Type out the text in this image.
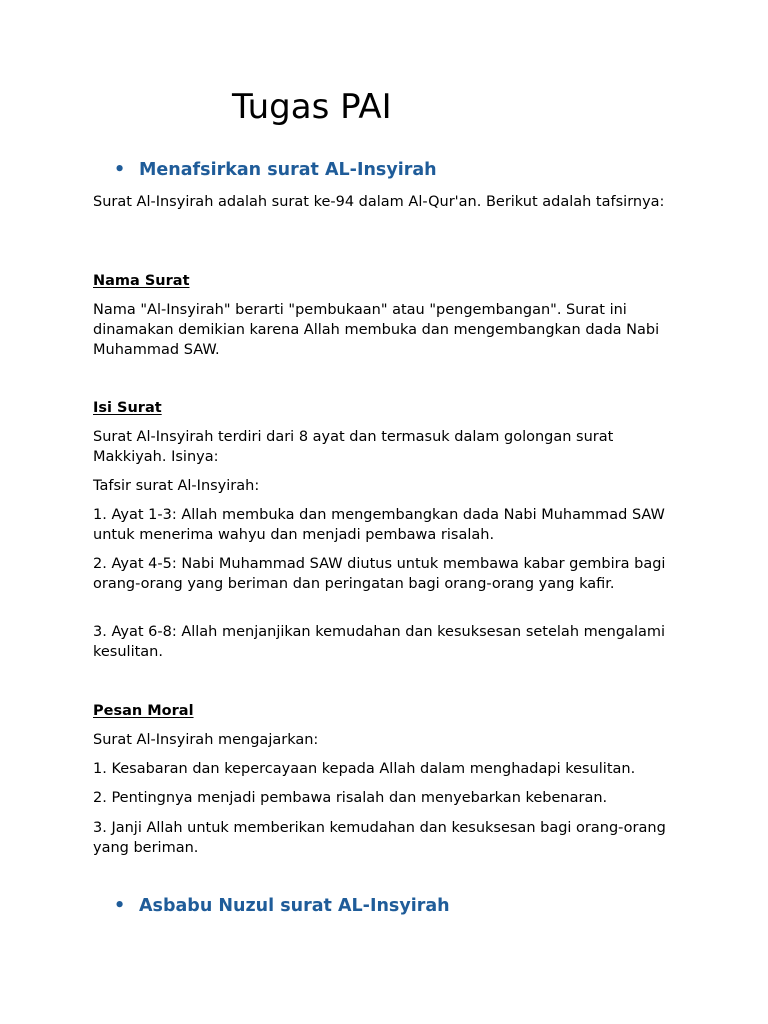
Tugas PAI
• Menafsirkan surat AL-Insyirah

Surat Al-Insyirah adalah surat ke-94 dalam Al-Qur'an. Berikut adalah tafsirnya:

Nama Surat

Nama "Al-Insyirah" berarti "pembukaan" atau "pengembangan". Surat ini dinamakan demikian karena Allah membuka dan mengembangkan dada Nabi Muhammad SAW.

Isi Surat

Surat Al-Insyirah terdiri dari 8 ayat dan termasuk dalam golongan surat Makkiyah. Isinya:

Tafsir surat Al-Insyirah:

1. Ayat 1-3: Allah membuka dan mengembangkan dada Nabi Muhammad SAW untuk menerima wahyu dan menjadi pembawa risalah.

2. Ayat 4-5: Nabi Muhammad SAW diutus untuk membawa kabar gembira bagi orang-orang yang beriman dan peringatan bagi orang-orang yang kafir.

3. Ayat 6-8: Allah menjanjikan kemudahan dan kesuksesan setelah mengalami kesulitan.

Pesan Moral

Surat Al-Insyirah mengajarkan:

1. Kesabaran dan kepercayaan kepada Allah dalam menghadapi kesulitan.

2. Pentingnya menjadi pembawa risalah dan menyebarkan kebenaran.

3. Janji Allah untuk memberikan kemudahan dan kesuksesan bagi orang-orang yang beriman.

• Asbabu Nuzul surat AL-Insyirah
